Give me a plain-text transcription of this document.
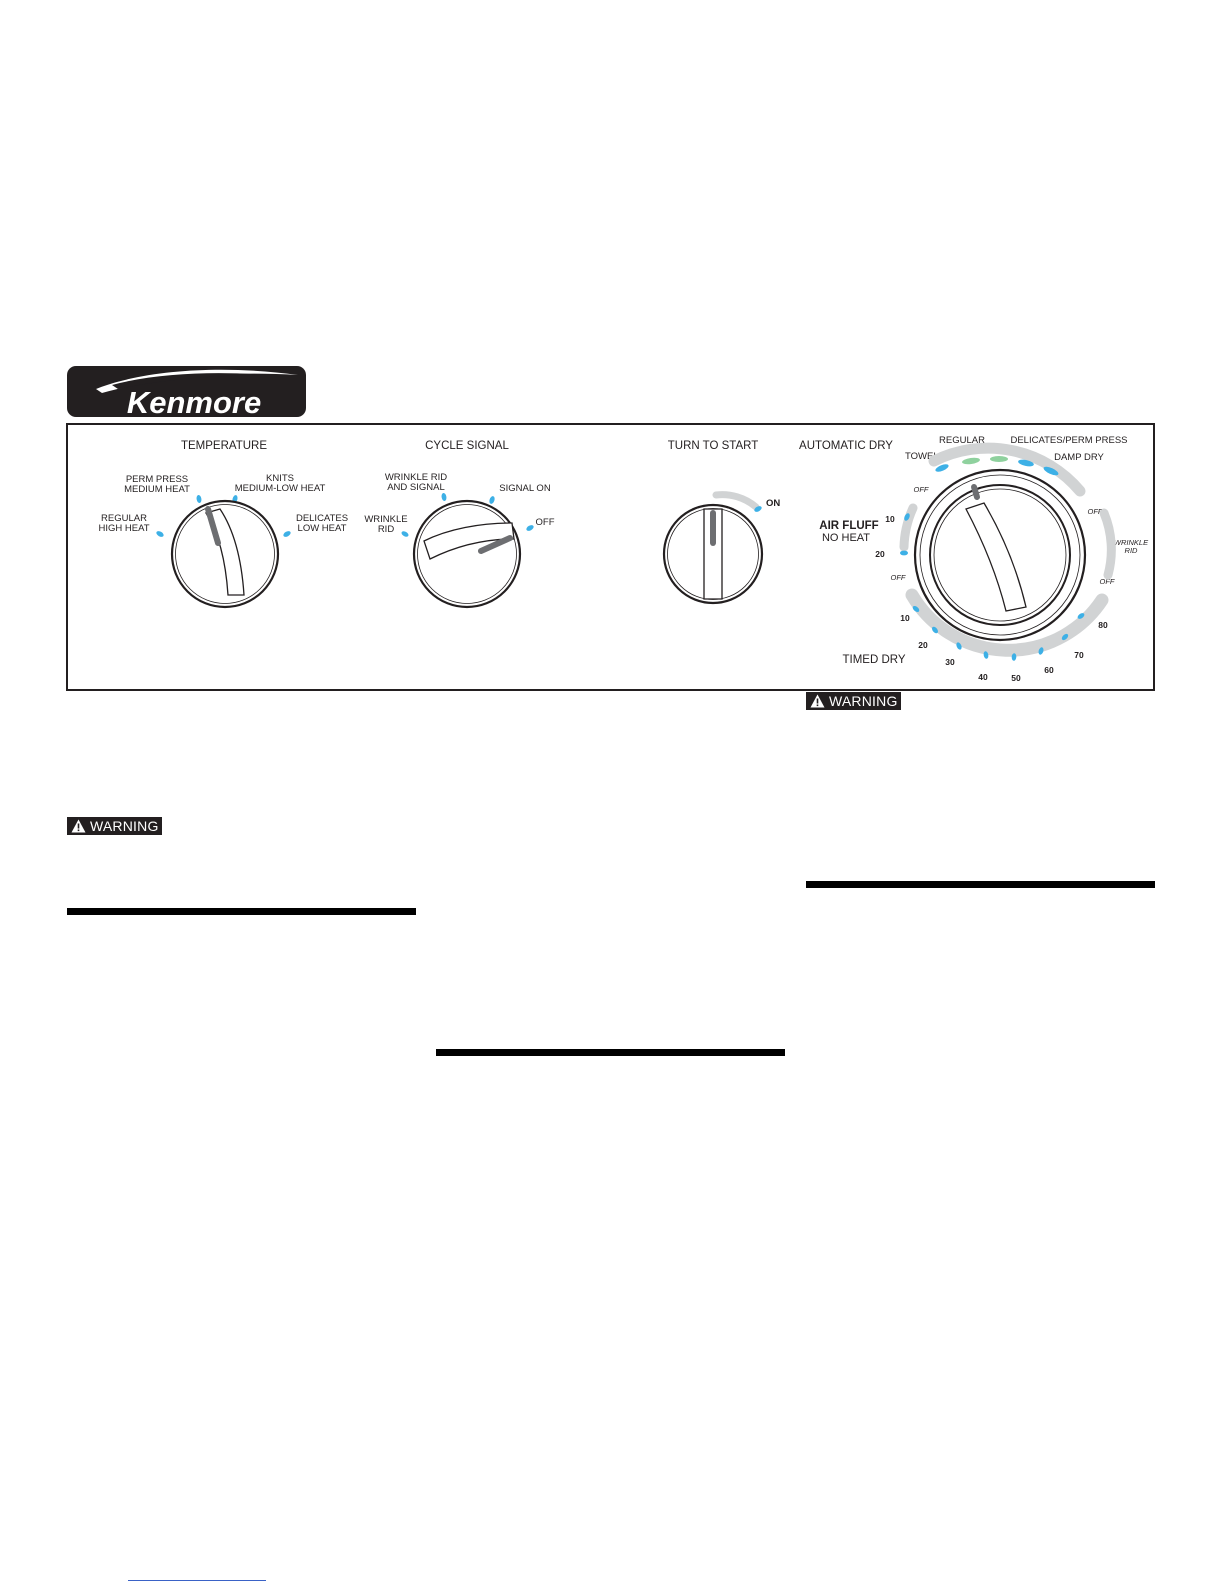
Kenmore
TEMPERATURE
REGULAR
HIGH HEAT
PERM PRESS
MEDIUM HEAT
KNITS
MEDIUM-LOW HEAT
DELICATES
LOW HEAT
CYCLE SIGNAL
WRINKLE
RID
WRINKLE RID
AND SIGNAL	SIGNAL ON
OFF
TURN TO START
ON
AUTOMATIC DRY
TOWELS
REGULAR	DELICATES/PERM PRESS
DAMP DRY
OFF
OFF
WRINKLE
RID
OFF
AIR FLUFF
NO HEAT
10
20
OFF
TIMED DRY
10
20
30
40	50
60
70
80
WARNING
WARNING
